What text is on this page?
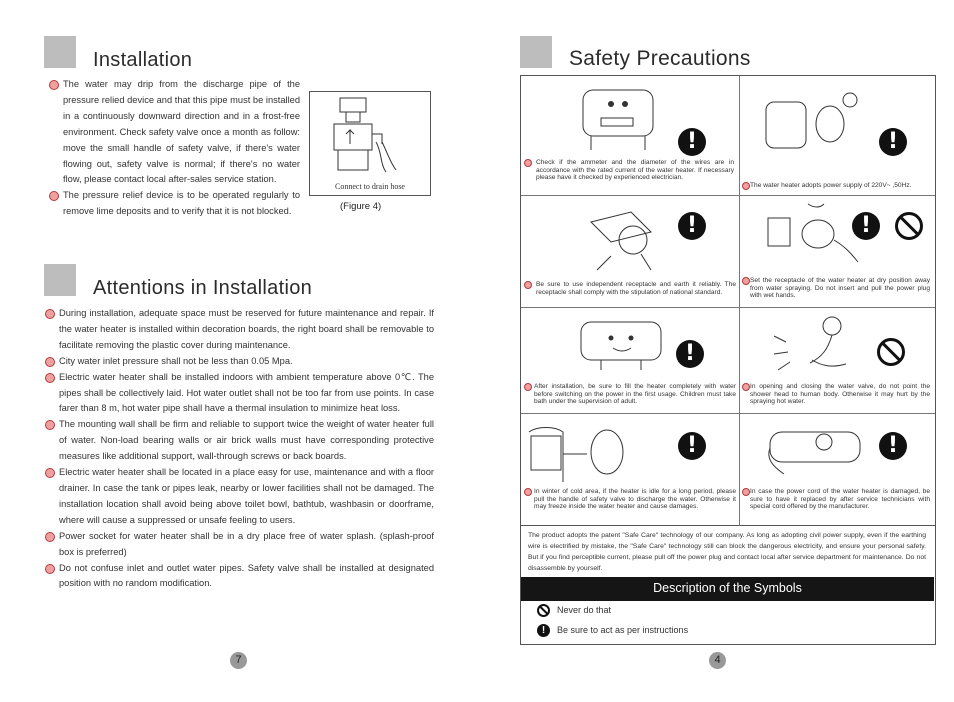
Installation
The water may drip from the discharge pipe of the pressure relied device and that this pipe must be installed in a continuously downward direction and in a frost-free environment. Check safety valve once a month as follow: move the small handle of safety valve, if there's water flowing out, safety valve is normal; if there's no water flow, please contact local after-sales service station.
The pressure relief device is to be operated regularly to remove lime deposits and to verify that it is not blocked.
Connect to drain hose
(Figure 4)
Attentions in Installation
During installation, adequate space must be reserved for future maintenance and repair. If the water heater is installed within decoration boards, the right board shall be removable to facilitate removing the plastic cover during maintenance.
City water inlet pressure shall not be less than 0.05 Mpa.
Electric water heater shall be installed indoors with ambient temperature above 0℃. The pipes shall be collectively laid. Hot water outlet shall not be too far from use points. In case farer than 8 m, hot water pipe shall have a thermal insulation to minimize heat loss.
The mounting wall shall be firm and reliable to support twice the weight of water heater full of water. Non-load bearing walls or air brick walls must have corresponding protective measures like additional support, wall-through screws or back boards.
Electric water heater shall be located in a place easy for use, maintenance and with a floor drainer. In case the tank or pipes leak, nearby or lower facilities shall not be damaged. The installation location shall avoid being above toilet bowl, bathtub, washbasin or doorframe, where will cause a suppressed or unsafe feeling to users.
Power socket for water heater shall be in a dry place free of water splash. (splash-proof box is preferred)
Do not confuse inlet and outlet water pipes. Safety valve shall be installed at designated position with no random modification.
7
Safety Precautions
!
Check if the ammeter and the diameter of the wires are in accordance with the rated current of the water heater. If necessary please have it checked by experienced electrician.
!
The water heater adopts power supply of 220V~ ,50Hz.
!
Be sure to use independent receptacle and earth it reliably. The receptacle shall comply with the stipulation of national standard.
!
Set the receptacle of the water heater at dry position away from water spraying. Do not insert and pull the power plug with wet hands.
!
After installation, be sure to fill the heater completely with water before switching on the power in the first usage. Children must take bath under the supervision of adult.
In opening and closing the water valve, do not point the shower head to human body. Otherwise it may hurt by the spraying hot water.
!
In winter of cold area, if the heater is idle for a long period, please pull the handle of safety valve to discharge the water. Otherwise it may freeze inside the water heater and cause damages.
!
In case the power cord of the water heater is damaged, be sure to have it replaced by after service technicians with special cord offered by the manufacturer.
The product adopts the patent "Safe Care" technology of our company. As long as adopting civil power supply, even if the earthing wire is electrified by mistake, the "Safe Care" technology still can block the dangerous electricity, and ensure your personal safety. But if you find perceptible current, please pull off the power plug and contact local after service department for maintenance. Do not disassemble by yourself.
Description of the Symbols
Never do that
! Be sure to act as per instructions
4
